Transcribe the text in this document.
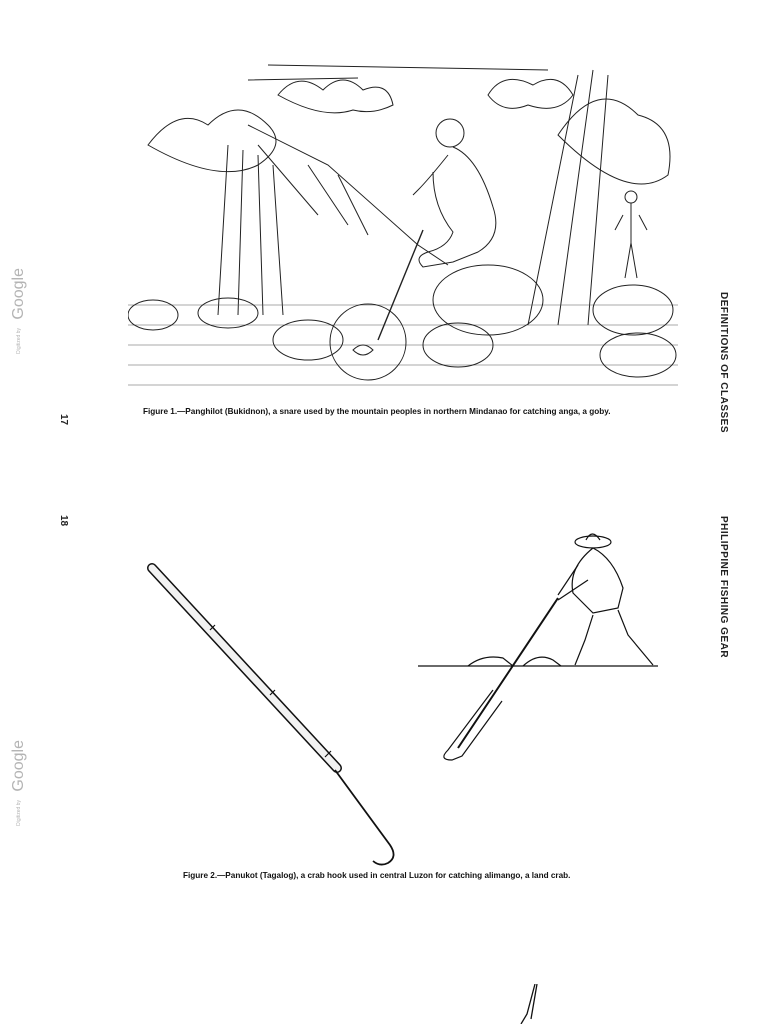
DEFINITIONS OF CLASSES
PHILIPPINE FISHING GEAR
17
18
Digitized by Google
Digitized by Google
Figure 1.—Panghilot (Bukidnon), a snare used by the mountain peoples in northern Mindanao for catching anga, a goby.
Figure 2.—Panukot (Tagalog), a crab hook used in central Luzon for catching alimango, a land crab.
